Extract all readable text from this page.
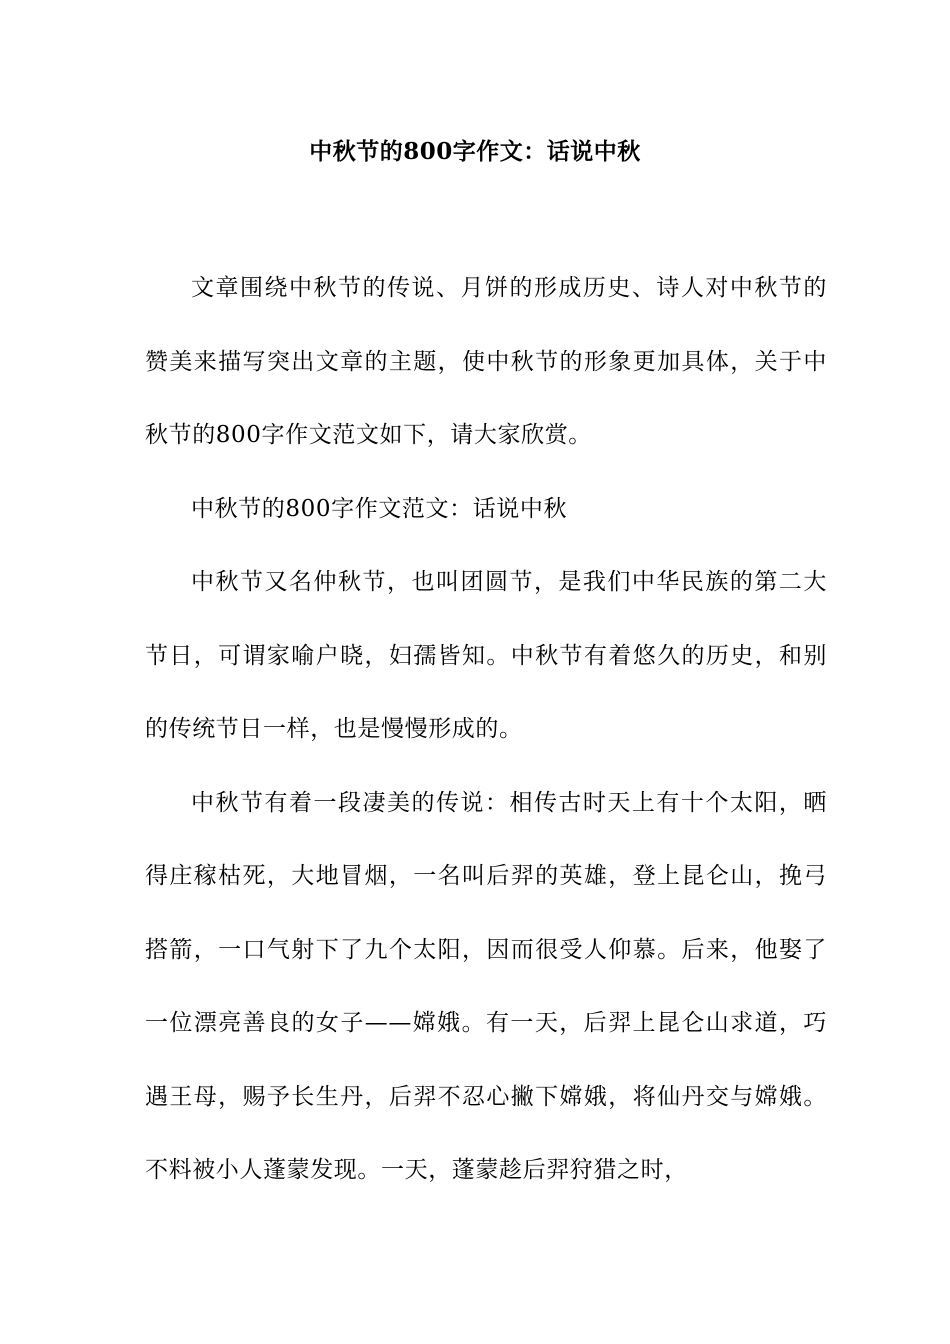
中秋节的800字作文：话说中秋

文章围绕中秋节的传说、月饼的形成历史、诗人对中秋节的赞美来描写突出文章的主题，使中秋节的形象更加具体，关于中秋节的800字作文范文如下，请大家欣赏。

中秋节的800字作文范文：话说中秋

中秋节又名仲秋节，也叫团圆节，是我们中华民族的第二大节日，可谓家喻户晓，妇孺皆知。中秋节有着悠久的历史，和别的传统节日一样，也是慢慢形成的。

中秋节有着一段凄美的传说：相传古时天上有十个太阳，晒得庄稼枯死，大地冒烟，一名叫后羿的英雄，登上昆仑山，挽弓搭箭，一口气射下了九个太阳，因而很受人仰慕。后来，他娶了一位漂亮善良的女子——嫦娥。有一天，后羿上昆仑山求道，巧遇王母，赐予长生丹，后羿不忍心撇下嫦娥，将仙丹交与嫦娥。不料被小人蓬蒙发现。一天，蓬蒙趁后羿狩猎之时，
